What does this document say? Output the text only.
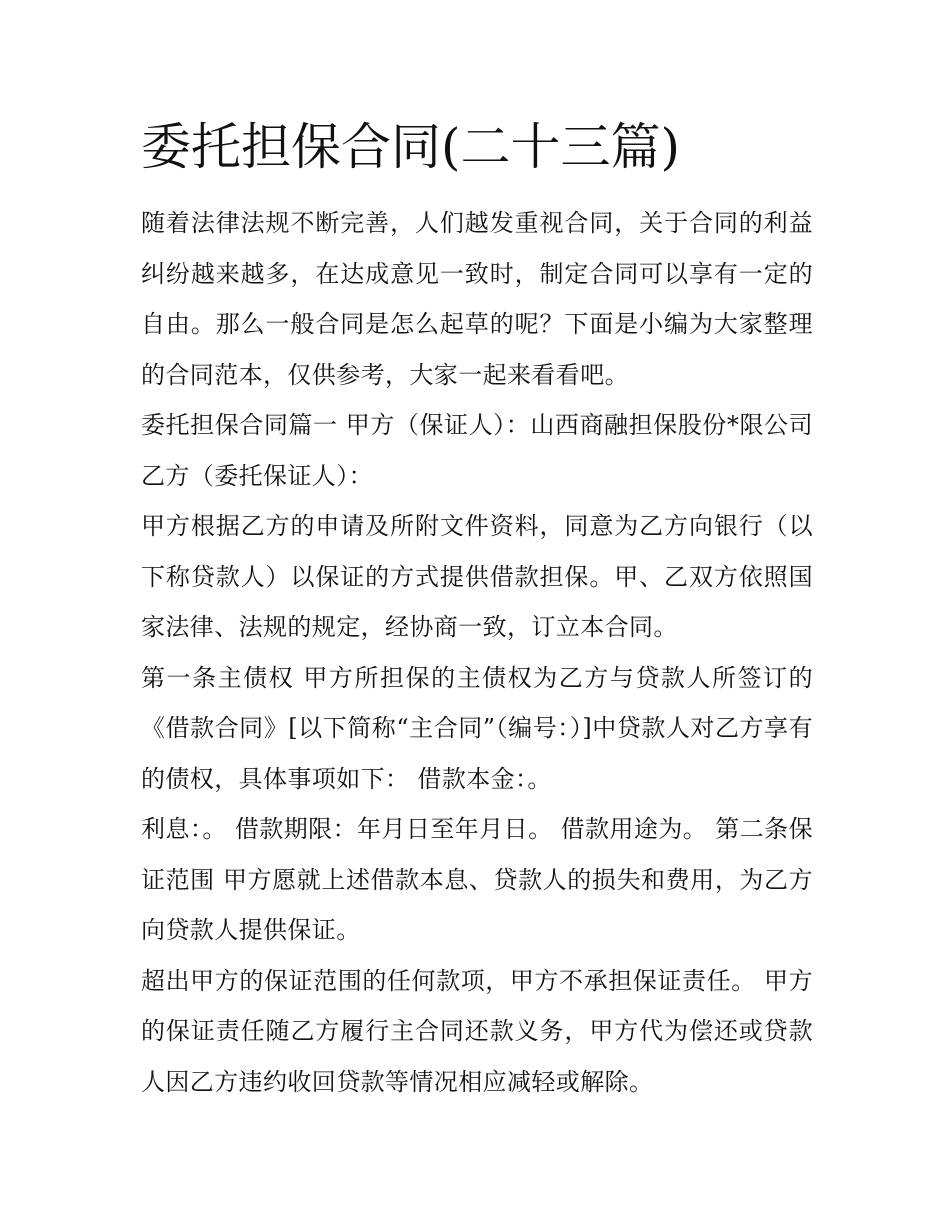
委托担保合同(二十三篇)

随着法律法规不断完善，人们越发重视合同，关于合同的利益纠纷越来越多，在达成意见一致时，制定合同可以享有一定的自由。那么一般合同是怎么起草的呢？下面是小编为大家整理的合同范本，仅供参考，大家一起来看看吧。

委托担保合同篇一 甲方（保证人）：山西商融担保股份*限公司 乙方（委托保证人）：

甲方根据乙方的申请及所附文件资料，同意为乙方向银行（以下称贷款人）以保证的方式提供借款担保。甲、乙双方依照国家法律、法规的规定，经协商一致，订立本合同。

第一条主债权 甲方所担保的主债权为乙方与贷款人所签订的《借款合同》[以下简称“主合同”（编号：）]中贷款人对乙方享有的债权，具体事项如下： 借款本金：。

利息：。 借款期限：年月日至年月日。 借款用途为。 第二条保证范围 甲方愿就上述借款本息、贷款人的损失和费用，为乙方向贷款人提供保证。

超出甲方的保证范围的任何款项，甲方不承担保证责任。 甲方的保证责任随乙方履行主合同还款义务，甲方代为偿还或贷款人因乙方违约收回贷款等情况相应减轻或解除。
